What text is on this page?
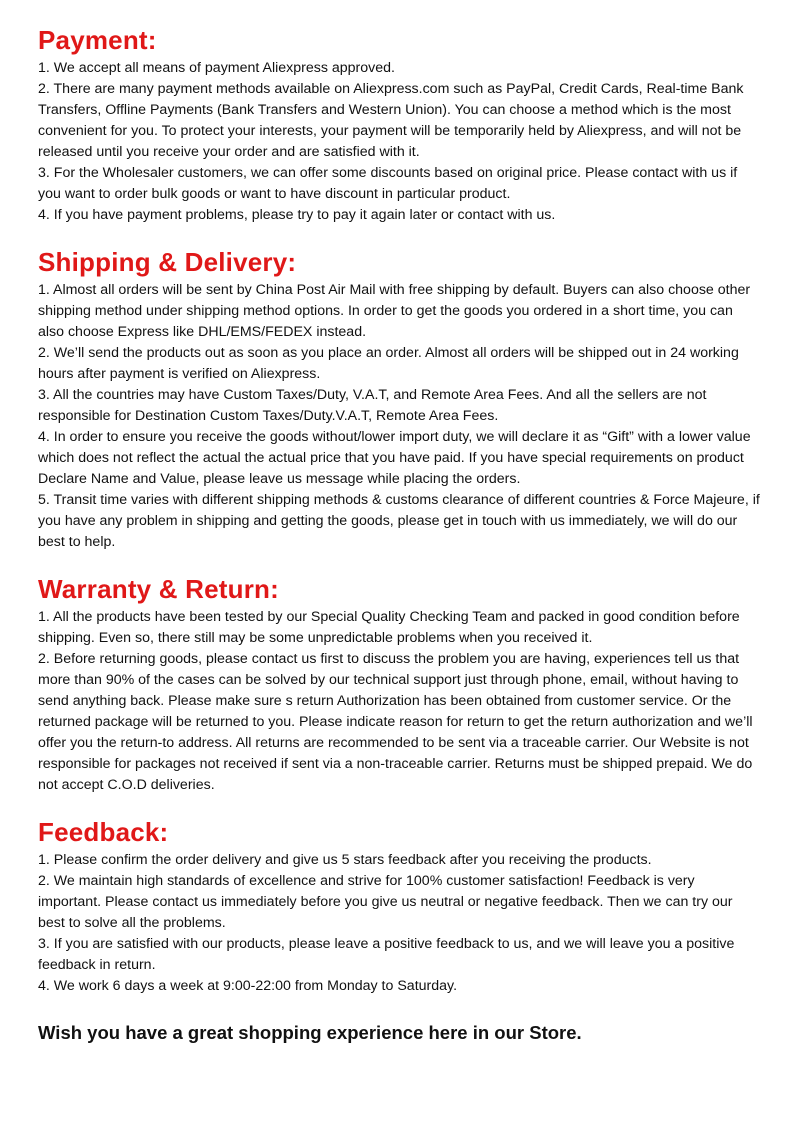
Payment:

1. We accept all means of payment Aliexpress approved.

2. There are many payment methods available on Aliexpress.com such as PayPal, Credit Cards, Real-time Bank Transfers, Offline Payments (Bank Transfers and Western Union). You can choose a method which is the most convenient for you. To protect your interests, your payment will be temporarily held by Aliexpress, and will not be released until you receive your order and are satisfied with it.

3. For the Wholesaler customers, we can offer some discounts based on original price. Please contact with us if you want to order bulk goods or want to have discount in particular product.

4. If you have payment problems, please try to pay it again later or contact with us.

Shipping & Delivery:

1. Almost all orders will be sent by China Post Air Mail with free shipping by default. Buyers can also choose other shipping method under shipping method options. In order to get the goods you ordered in a short time, you can also choose Express like DHL/EMS/FEDEX instead.

2. We’ll send the products out as soon as you place an order. Almost all orders will be shipped out in 24 working hours after payment is verified on Aliexpress.

3. All the countries may have Custom Taxes/Duty, V.A.T, and Remote Area Fees. And all the sellers are not responsible for Destination Custom Taxes/Duty.V.A.T, Remote Area Fees.

4. In order to ensure you receive the goods without/lower import duty, we will declare it as “Gift” with a lower value which does not reflect the actual the actual price that you have paid. If you have special requirements on product Declare Name and Value, please leave us message while placing the orders.

5. Transit time varies with different shipping methods & customs clearance of different countries & Force Majeure, if you have any problem in shipping and getting the goods, please get in touch with us immediately, we will do our best to help.

Warranty & Return:

1. All the products have been tested by our Special Quality Checking Team and packed in good condition before shipping. Even so, there still may be some unpredictable problems when you received it.

2. Before returning goods, please contact us first to discuss the problem you are having, experiences tell us that more than 90% of the cases can be solved by our technical support just through phone, email, without having to send anything back. Please make sure s return Authorization has been obtained from customer service. Or the returned package will be returned to you. Please indicate reason for return to get the return authorization and we’ll offer you the return-to address. All returns are recommended to be sent via a traceable carrier. Our Website is not responsible for packages not received if sent via a non-traceable carrier. Returns must be shipped prepaid. We do not accept C.O.D deliveries.

Feedback:

1. Please confirm the order delivery and give us 5 stars feedback after you receiving the products.

2. We maintain high standards of excellence and strive for 100% customer satisfaction! Feedback is very important. Please contact us immediately before you give us neutral or negative feedback. Then we can try our best to solve all the problems.

3. If you are satisfied with our products, please leave a positive feedback to us, and we will leave you a positive feedback in return.

4. We work 6 days a week at 9:00-22:00 from Monday to Saturday.

Wish you have a great shopping experience here in our Store.
